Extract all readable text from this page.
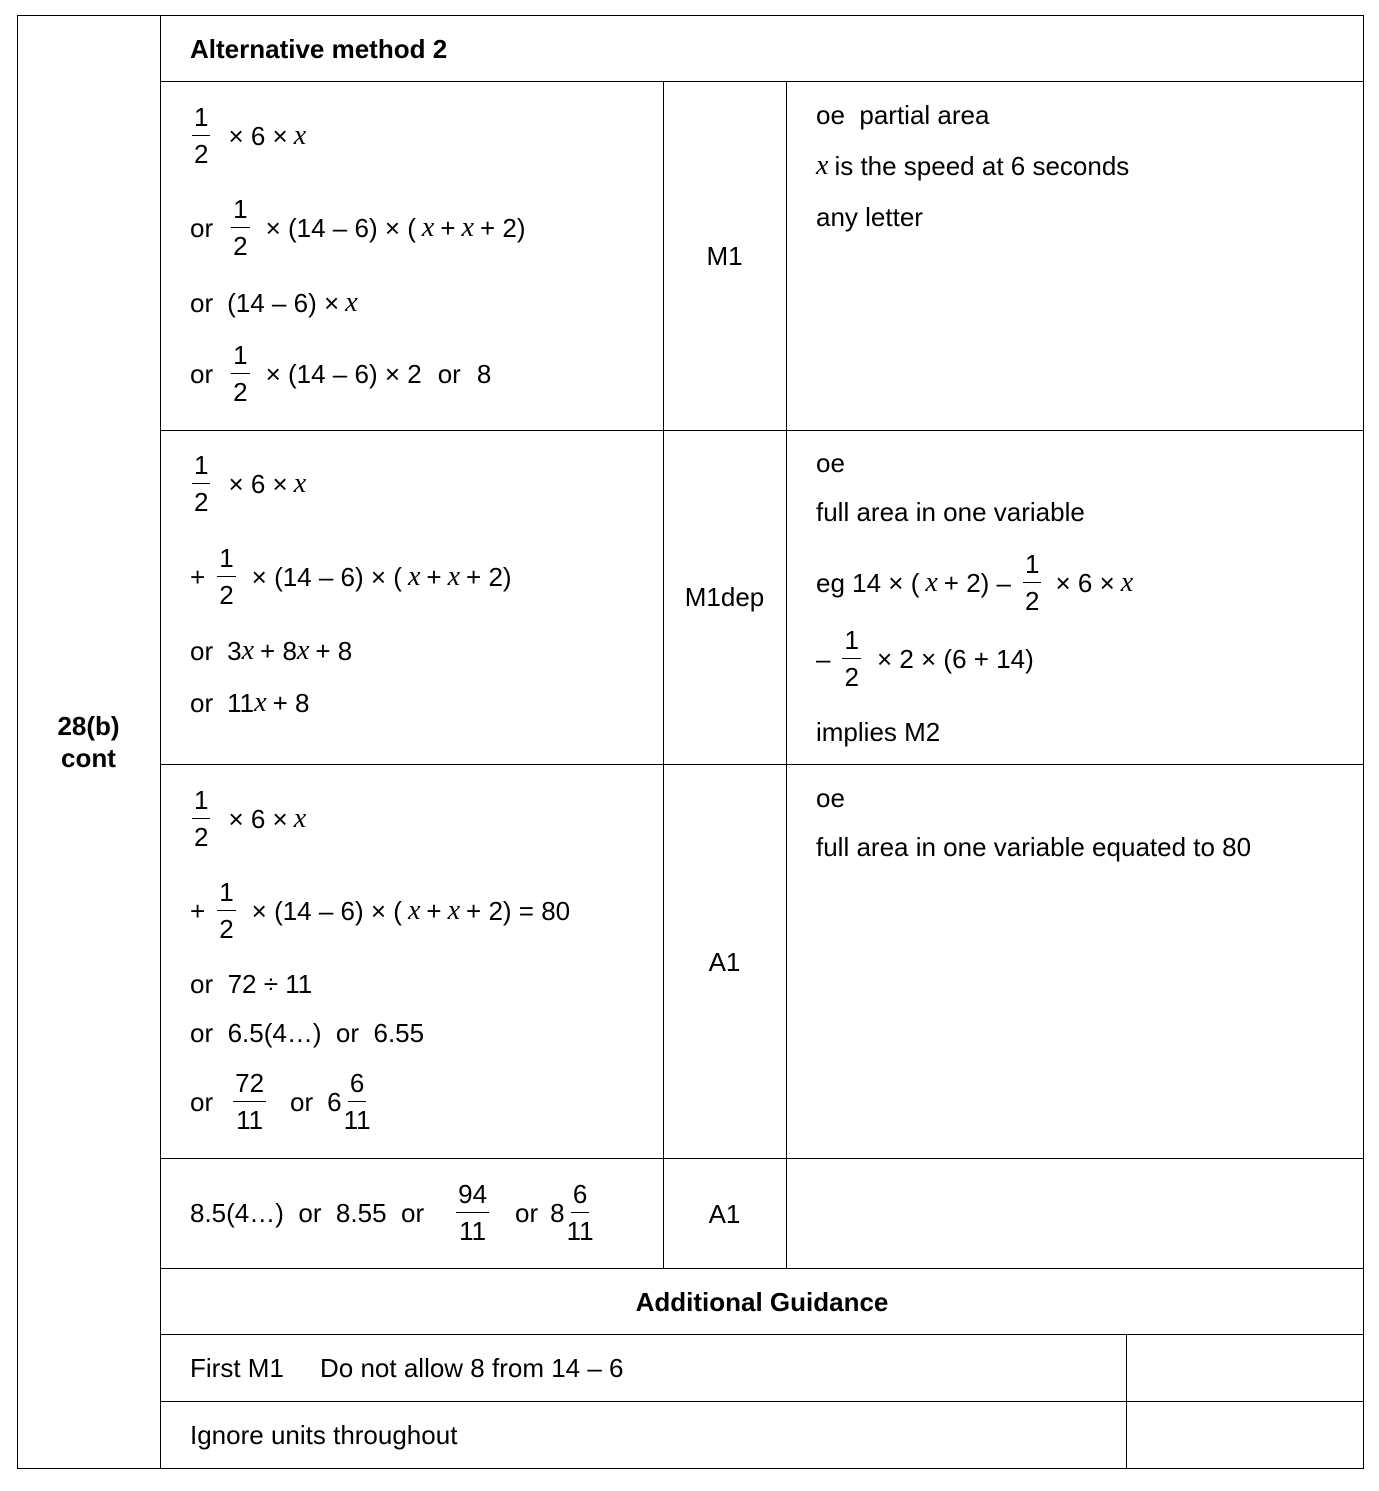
28(b)
cont
Alternative method 2
$\frac{1}{2} \times 6 \times x$
or $\frac{1}{2} \times (14 - 6)$ × ( x + x + 2)
or (14 – 6) × x
or $\frac{1}{2} \times (14 - 6) \times 2$ or 8
M1
oe  partial area
x is the speed at 6 seconds
any letter
$\frac{1}{2} \times 6 \times x$
+ $\frac{1}{2} \times (14 - 6)$ × ( x + x + 2)
or 3 x + 8 x + 8
or 11 x + 8
M1dep
oe
full area in one variable
eg 14 × ( $x + 2) - \frac{1}{2} \times 6 \times x$
– $\frac{1}{2} \times 2 \times (6 + 14)$
implies M2
$\frac{1}{2} \times 6 \times x$
+ $\frac{1}{2} \times (14 - 6)$ × ( x + x + 2) = 80
or  72 ÷ 11
or  6.5(4…)  or  6.55
or $\frac{72}{11}$ or $6 \frac{6}{11}$
A1
oe
full area in one variable equated to 80
8.5(4…)  or  8.55  or $\frac{94}{11}$ or $8 \frac{6}{11}$	A1
Additional Guidance
First M1     Do not allow 8 from 14 – 6
Ignore units throughout
